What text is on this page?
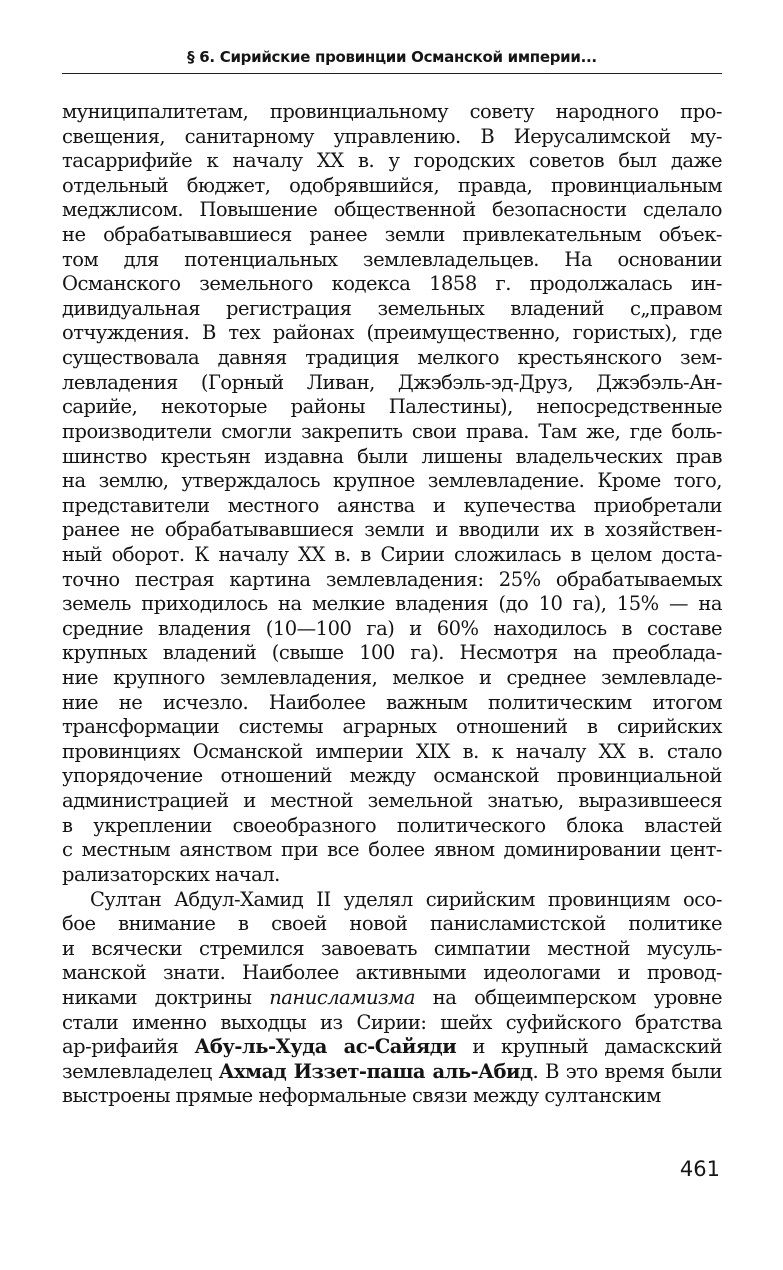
§ 6. Сирийские провинции Османской империи...
муниципалитетам, провинциальному совету народного про-
свещения, санитарному управлению. В Иерусалимской му-
тасаррифийе к началу XX в. у городских советов был даже
отдельный бюджет, одобрявшийся, правда, провинциальным
меджлисом. Повышение общественной безопасности сделало
не обрабатывавшиеся ранее земли привлекательным объек-
том для потенциальных землевладельцев. На основании
Османского земельного кодекса 1858 г. продолжалась ин-
дивидуальная регистрация земельных владений с„правом
отчуждения. В тех районах (преимущественно, гористых), где
существовала давняя традиция мелкого крестьянского зем-
левладения (Горный Ливан, Джэбэль-эд-Друз, Джэбэль-Ан-
сарийе, некоторые районы Палестины), непосредственные
производители смогли закрепить свои права. Там же, где боль-
шинство крестьян издавна были лишены владельческих прав
на землю, утверждалось крупное землевладение. Кроме того,
представители местного аянства и купечества приобретали
ранее не обрабатывавшиеся земли и вводили их в хозяйствен-
ный оборот. К началу XX в. в Сирии сложилась в целом доста-
точно пестрая картина землевладения: 25% обрабатываемых
земель приходилось на мелкие владения (до 10 га), 15% — на
средние владения (10—100 га) и 60% находилось в составе
крупных владений (свыше 100 га). Несмотря на преоблада-
ние крупного землевладения, мелкое и среднее землевладе-
ние не исчезло. Наиболее важным политическим итогом
трансформации системы аграрных отношений в сирийских
провинциях Османской империи XIX в. к началу XX в. стало
упорядочение отношений между османской провинциальной
администрацией и местной земельной знатью, выразившееся
в укреплении своеобразного политического блока властей
с местным аянством при все более явном доминировании цент-
рализаторских начал.
Султан Абдул-Хамид II уделял сирийским провинциям осо-
бое внимание в своей новой панисламистской политике
и всячески стремился завоевать симпатии местной мусуль-
манской знати. Наиболее активными идеологами и провод-
никами доктрины панисламизма на общеимперском уровне
стали именно выходцы из Сирии: шейх суфийского братства
ар-рифаийя Абу-ль-Худа ас-Сайяди и крупный дамаскский
землевладелец Ахмад Иззет-паша аль-Абид. В это время были
выстроены прямые неформальные связи между султанским
461
